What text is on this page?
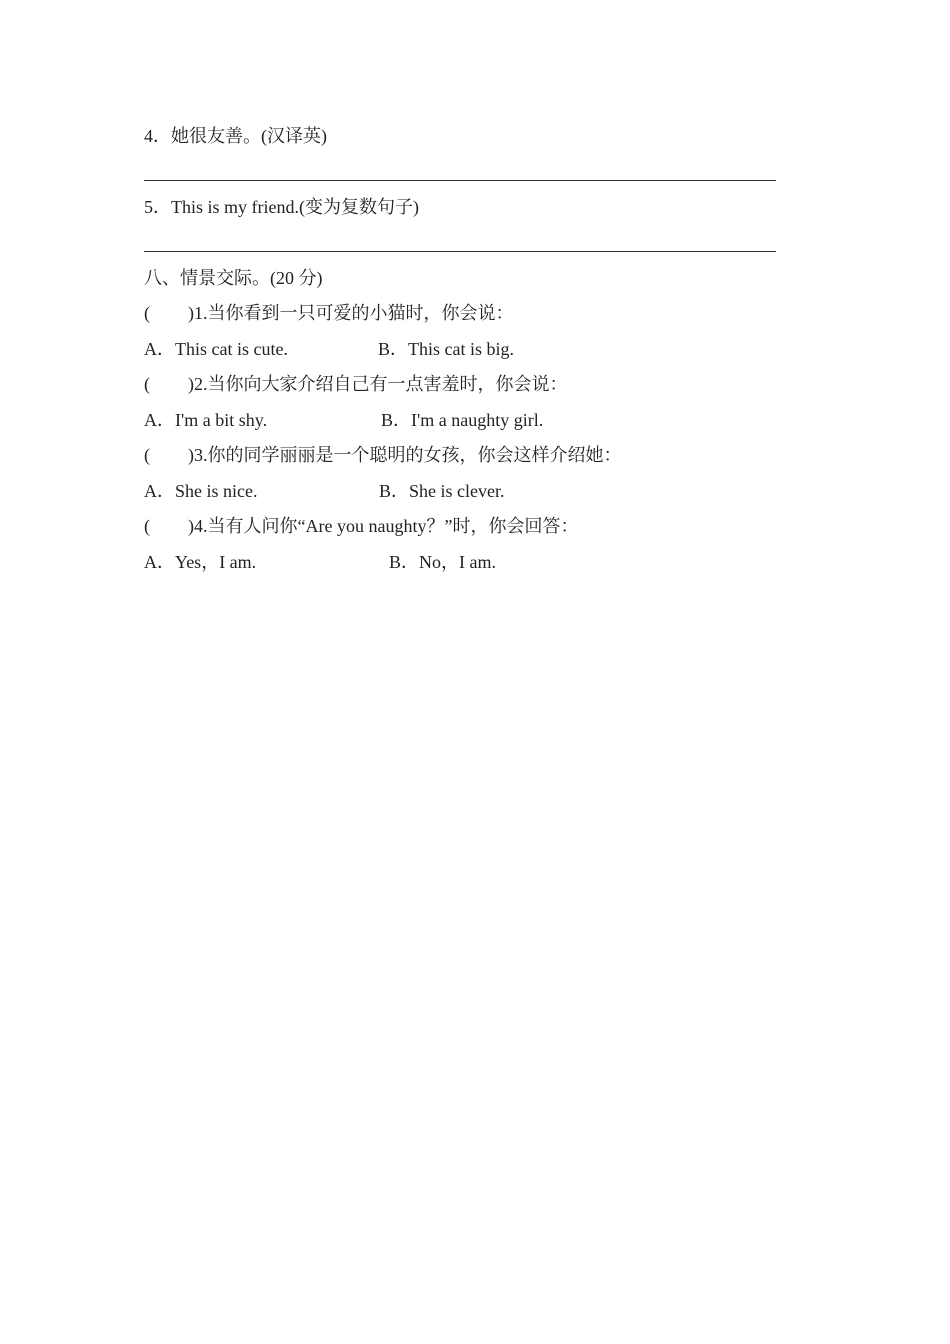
4．她很友善。(汉译英)
5．This is my friend.(变为复数句子)
八、情景交际。(20 分)
( )1.当你看到一只可爱的小猫时，你会说：
A．This cat is cute.	B．This cat is big.
( )2.当你向大家介绍自己有一点害羞时，你会说：
A．I'm a bit shy.	B．I'm a naughty girl.
( )3.你的同学丽丽是一个聪明的女孩，你会这样介绍她：
A．She is nice.	B．She is clever.
( )4.当有人问你“Are you naughty？”时，你会回答：
A．Yes，I am.	B．No，I am.
